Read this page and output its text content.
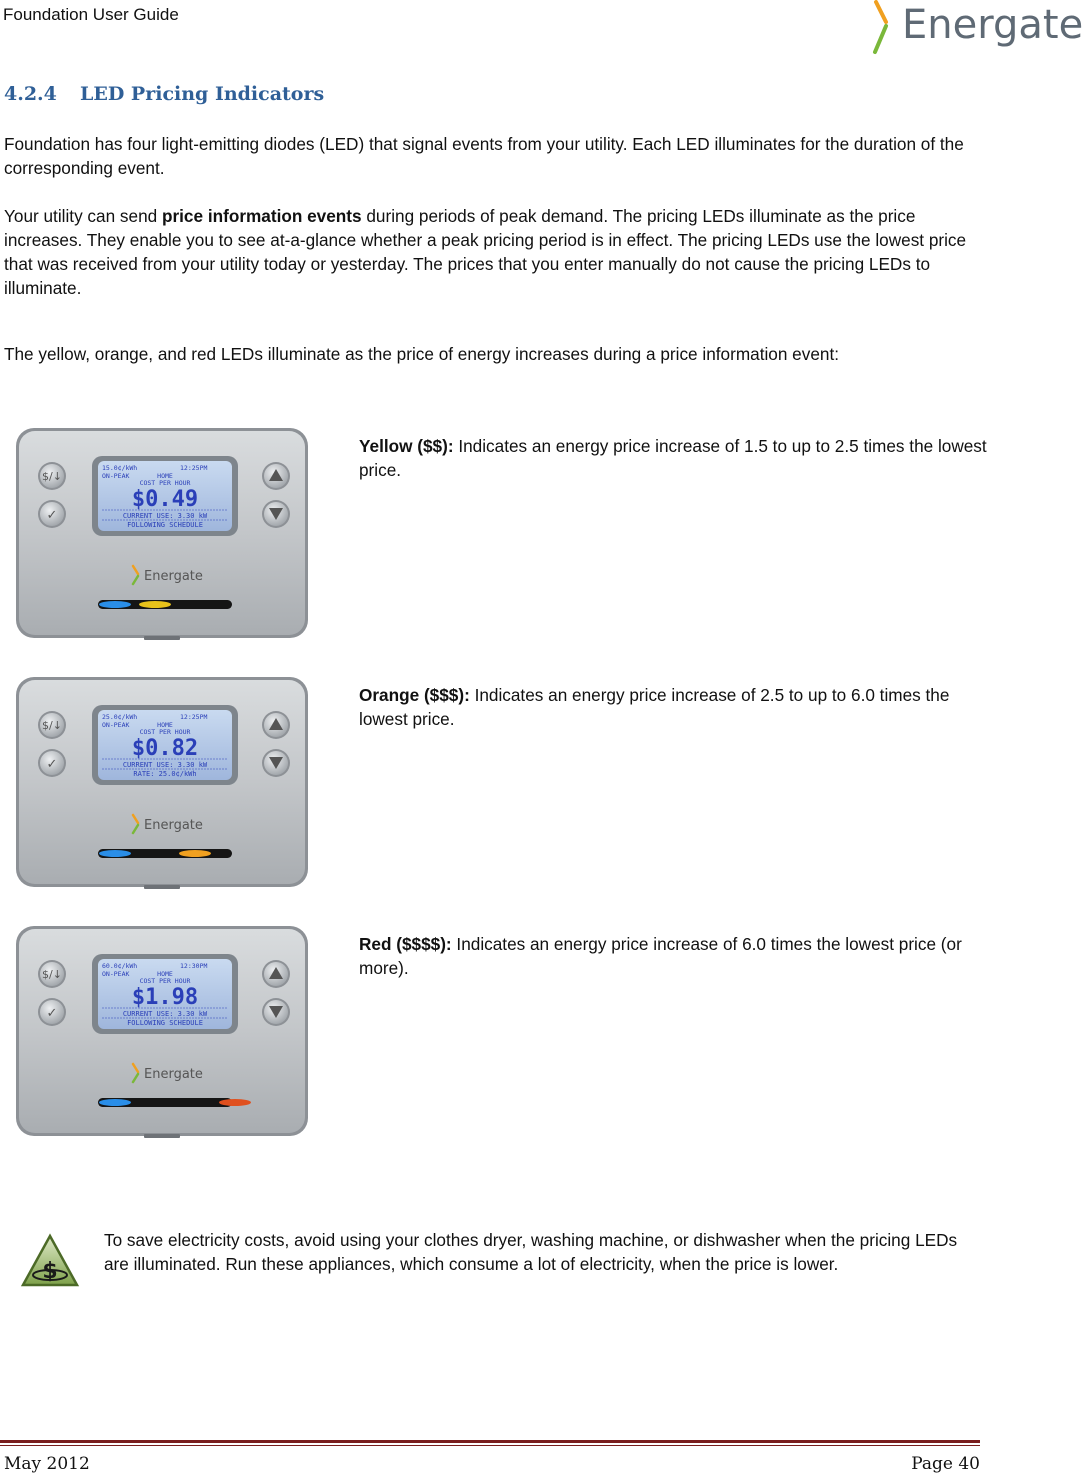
Foundation User Guide	Energate
4.2.4 LED Pricing Indicators

Foundation has four light-emitting diodes (LED) that signal events from your utility. Each LED illuminates for the duration of the corresponding event.

Your utility can send price information events during periods of peak demand. The pricing LEDs illuminate as the price increases. They enable you to see at-a-glance whether a peak pricing period is in effect. The pricing LEDs use the lowest price that was received from your utility today or yesterday. The prices that you enter manually do not cause the pricing LEDs to illuminate.

The yellow, orange, and red LEDs illuminate as the price of energy increases during a price information event:

15.0¢/kWh	12:25PM
ON-PEAK	HOME
COST PER HOUR
$0.49
CURRENT USE: 3.30 kW
FOLLOWING SCHEDULE
$/↓
✓
Energate
25.0¢/kWh	12:25PM
ON-PEAK	HOME
COST PER HOUR
$0.82
CURRENT USE: 3.30 kW
RATE: 25.0¢/kWh
$/↓
✓
Energate
60.0¢/kWh	12:30PM
ON-PEAK	HOME
COST PER HOUR
$1.98
CURRENT USE: 3.30 kW
FOLLOWING SCHEDULE
$/↓
✓
Energate

Yellow ($$): Indicates an energy price increase of 1.5 to up to 2.5 times the lowest price.

Orange ($$$): Indicates an energy price increase of 2.5 to up to 6.0 times the lowest price.

Red ($$$$): Indicates an energy price increase of 6.0 times the lowest price (or more).

$

To save electricity costs, avoid using your clothes dryer, washing machine, or dishwasher when the pricing LEDs are illuminated. Run these appliances, which consume a lot of electricity, when the price is lower.

May 2012	Page 40
